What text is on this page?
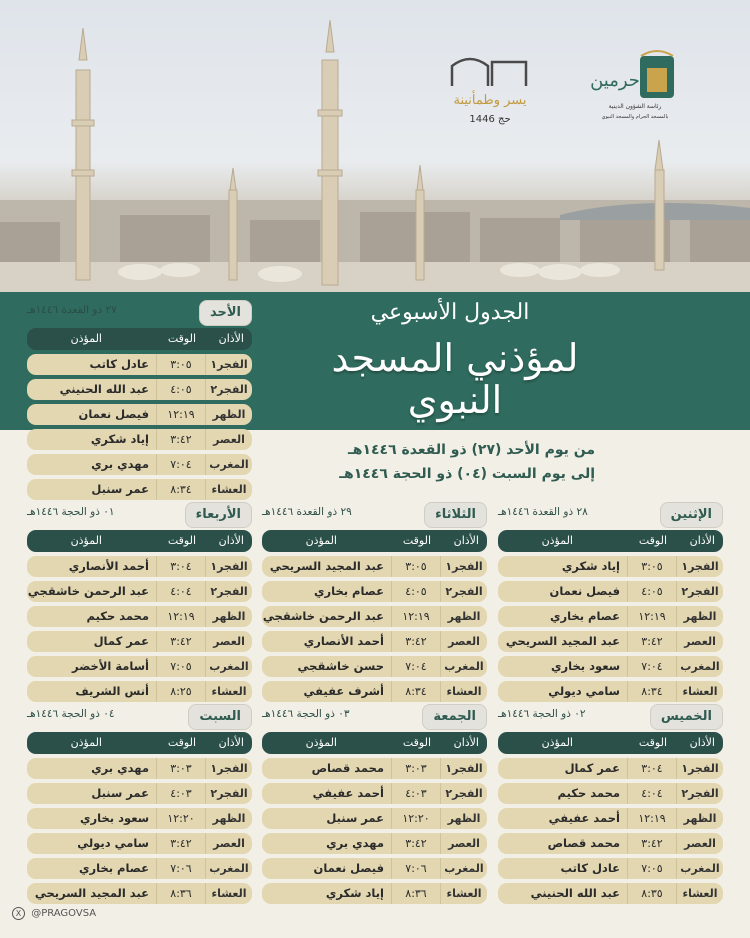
حرمين
رئاسة الشؤون الدينية
بالمسجد الحرام والمسجد النبوي
يسر وطمأنينة
حج 1446
الجدول الأسبوعي
لمؤذني المسجد النبوي
من يوم الأحد (٢٧) ذو القعدة ١٤٤٦هـ
إلى يوم السبت (٠٤) ذو الحجة ١٤٤٦هـ
الأحد
٢٧ ذو القعدة ١٤٤٦هـ
الأذان
الوقت
المؤذن
الفجر١
٣:٠٥
عادل كاتب
الفجر٢
٤:٠٥
عبد الله الحنيني
الظهر
١٢:١٩
فيصل نعمان
العصر
٣:٤٢
إياد شكري
المغرب
٧:٠٤
مهدي بري
العشاء
٨:٣٤
عمر سنبل
الإثنين
٢٨ ذو القعدة ١٤٤٦هـ
الأذان
الوقت
المؤذن
الفجر١
٣:٠٥
إياد شكري
الفجر٢
٤:٠٥
فيصل نعمان
الظهر
١٢:١٩
عصام بخاري
العصر
٣:٤٢
عبد المجيد السريحي
المغرب
٧:٠٤
سعود بخاري
العشاء
٨:٣٤
سامي ديولي
الثلاثاء
٢٩ ذو القعدة ١٤٤٦هـ
الأذان
الوقت
المؤذن
الفجر١
٣:٠٥
عبد المجيد السريحي
الفجر٢
٤:٠٥
عصام بخاري
الظهر
١٢:١٩
عبد الرحمن خاشقجي
العصر
٣:٤٢
أحمد الأنصاري
المغرب
٧:٠٤
حسن خاشقجي
العشاء
٨:٣٤
أشرف عفيفي
الأربعاء
٠١ ذو الحجة ١٤٤٦هـ
الأذان
الوقت
المؤذن
الفجر١
٣:٠٤
أحمد الأنصاري
الفجر٢
٤:٠٤
عبد الرحمن خاشقجي
الظهر
١٢:١٩
محمد حكيم
العصر
٣:٤٢
عمر كمال
المغرب
٧:٠٥
أسامة الأخضر
العشاء
٨:٢٥
أنس الشريف
الخميس
٠٢ ذو الحجة ١٤٤٦هـ
الأذان
الوقت
المؤذن
الفجر١
٣:٠٤
عمر كمال
الفجر٢
٤:٠٤
محمد حكيم
الظهر
١٢:١٩
أحمد عفيفي
العصر
٣:٤٢
محمد قصاص
المغرب
٧:٠٥
عادل كاتب
العشاء
٨:٣٥
عبد الله الحنيني
الجمعة
٠٣ ذو الحجة ١٤٤٦هـ
الأذان
الوقت
المؤذن
الفجر١
٣:٠٣
محمد قصاص
الفجر٢
٤:٠٣
أحمد عفيفي
الظهر
١٢:٢٠
عمر سنبل
العصر
٣:٤٢
مهدي بري
المغرب
٧:٠٦
فيصل نعمان
العشاء
٨:٣٦
إياد شكري
السبت
٠٤ ذو الحجة ١٤٤٦هـ
الأذان
الوقت
المؤذن
الفجر١
٣:٠٣
مهدي بري
الفجر٢
٤:٠٣
عمر سنبل
الظهر
١٢:٢٠
سعود بخاري
العصر
٣:٤٢
سامي ديولي
المغرب
٧:٠٦
عصام بخاري
العشاء
٨:٣٦
عبد المجيد السريحي
X @PRAGOVSA
